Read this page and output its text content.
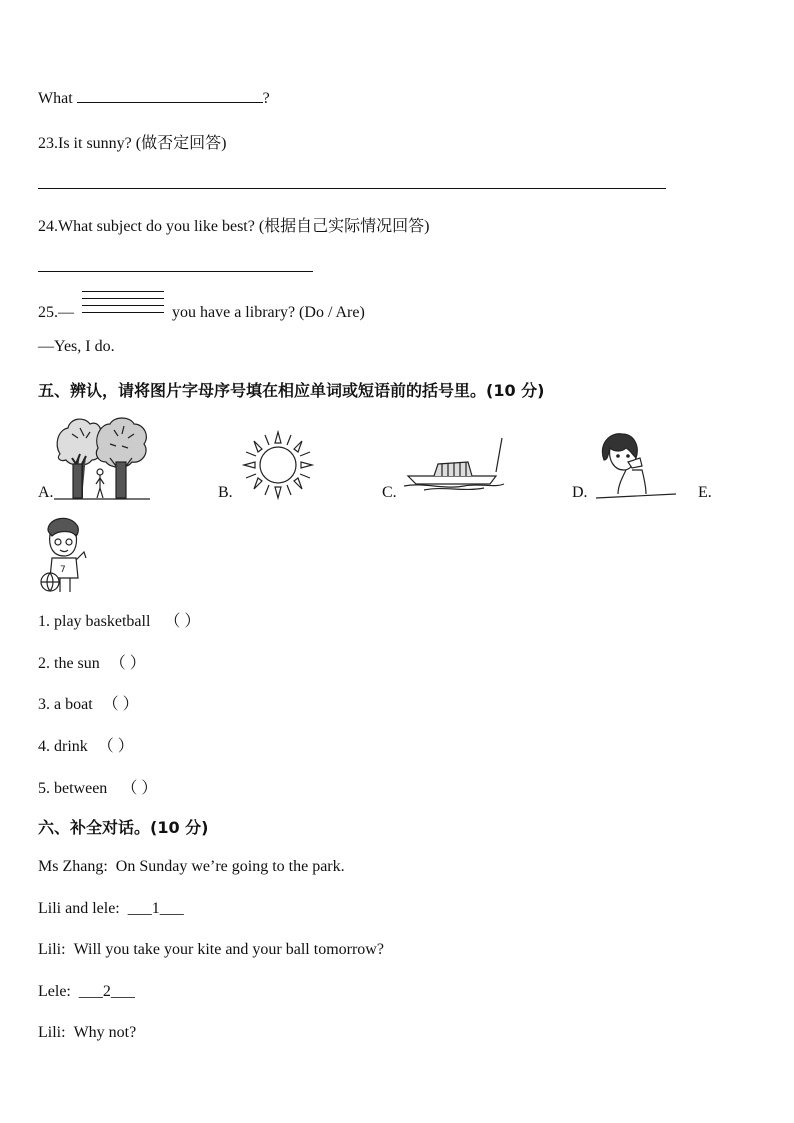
What	?
23.Is it sunny? (做否定回答)
24.What subject do you like best? (根据自己实际情况回答)
25.—	you have a library? (Do / Are)
—Yes, I do.
五、辨认，请将图片字母序号填在相应单词或短语前的括号里。(10 分)
A.	B.	C.	D.	E.
7
1. play basketball （ ）
2. the sun （ ）
3. a boat （ ）
4. drink （ ）
5. between （ ）
六、补全对话。(10 分)
Ms Zhang: On Sunday we’re going to the park.
Lili and lele: ___1___
Lili: Will you take your kite and your ball tomorrow?
Lele: ___2___
Lili: Why not?
